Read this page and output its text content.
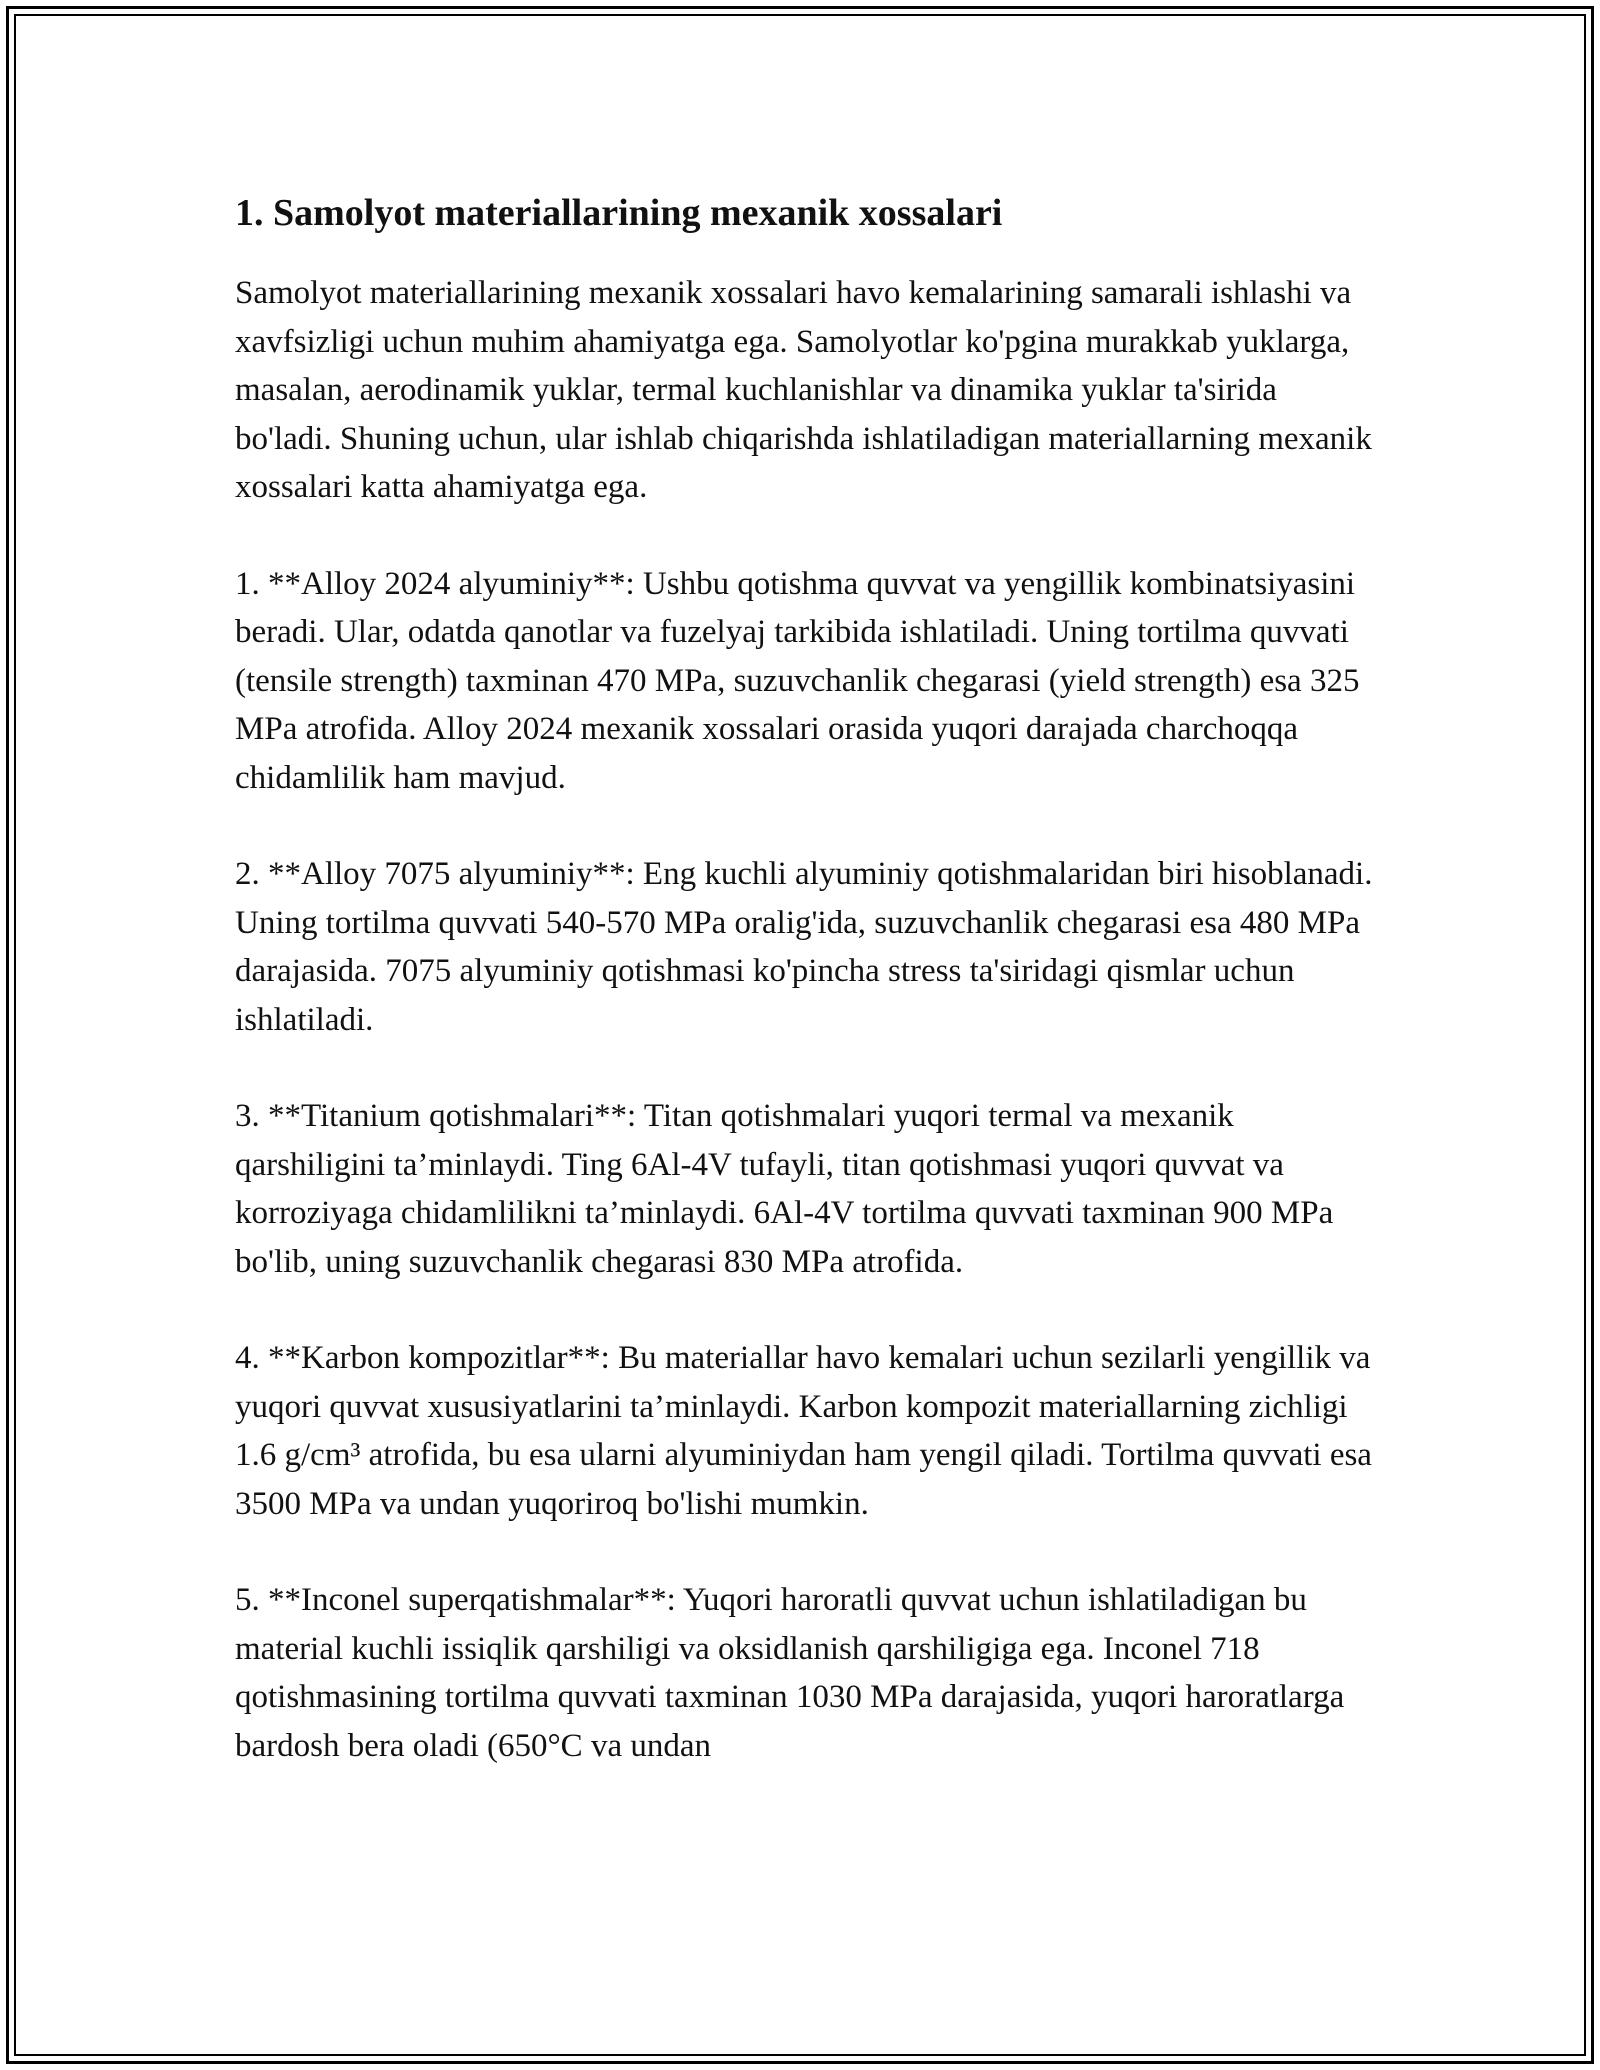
1. Samolyot materiallarining mexanik xossalari

Samolyot materiallarining mexanik xossalari havo kemalarining samarali ishlashi va xavfsizligi uchun muhim ahamiyatga ega. Samolyotlar ko'pgina murakkab yuklarga, masalan, aerodinamik yuklar, termal kuchlanishlar va dinamika yuklar ta'sirida bo'ladi. Shuning uchun, ular ishlab chiqarishda ishlatiladigan materiallarning mexanik xossalari katta ahamiyatga ega.

1. **Alloy 2024 alyuminiy**: Ushbu qotishma quvvat va yengillik kombinatsiyasini beradi. Ular, odatda qanotlar va fuzelyaj tarkibida ishlatiladi. Uning tortilma quvvati (tensile strength) taxminan 470 MPa, suzuvchanlik chegarasi (yield strength) esa 325 MPa atrofida. Alloy 2024 mexanik xossalari orasida yuqori darajada charchoqqa chidamlilik ham mavjud.

2. **Alloy 7075 alyuminiy**: Eng kuchli alyuminiy qotishmalaridan biri hisoblanadi. Uning tortilma quvvati 540-570 MPa oralig'ida, suzuvchanlik chegarasi esa 480 MPa darajasida. 7075 alyuminiy qotishmasi ko'pincha stress ta'siridagi qismlar uchun ishlatiladi.

3. **Titanium qotishmalari**: Titan qotishmalari yuqori termal va mexanik qarshiligini ta’minlaydi. Ting 6Al-4V tufayli, titan qotishmasi yuqori quvvat va korroziyaga chidamlilikni ta’minlaydi. 6Al-4V tortilma quvvati taxminan 900 MPa bo'lib, uning suzuvchanlik chegarasi 830 MPa atrofida.

4. **Karbon kompozitlar**: Bu materiallar havo kemalari uchun sezilarli yengillik va yuqori quvvat xususiyatlarini ta’minlaydi. Karbon kompozit materiallarning zichligi 1.6 g/cm³ atrofida, bu esa ularni alyuminiydan ham yengil qiladi. Tortilma quvvati esa 3500 MPa va undan yuqoriroq bo'lishi mumkin.

5. **Inconel superqatishmalar**: Yuqori haroratli quvvat uchun ishlatiladigan bu material kuchli issiqlik qarshiligi va oksidlanish qarshiligiga ega. Inconel 718 qotishmasining tortilma quvvati taxminan 1030 MPa darajasida, yuqori haroratlarga bardosh bera oladi (650°C va undan
